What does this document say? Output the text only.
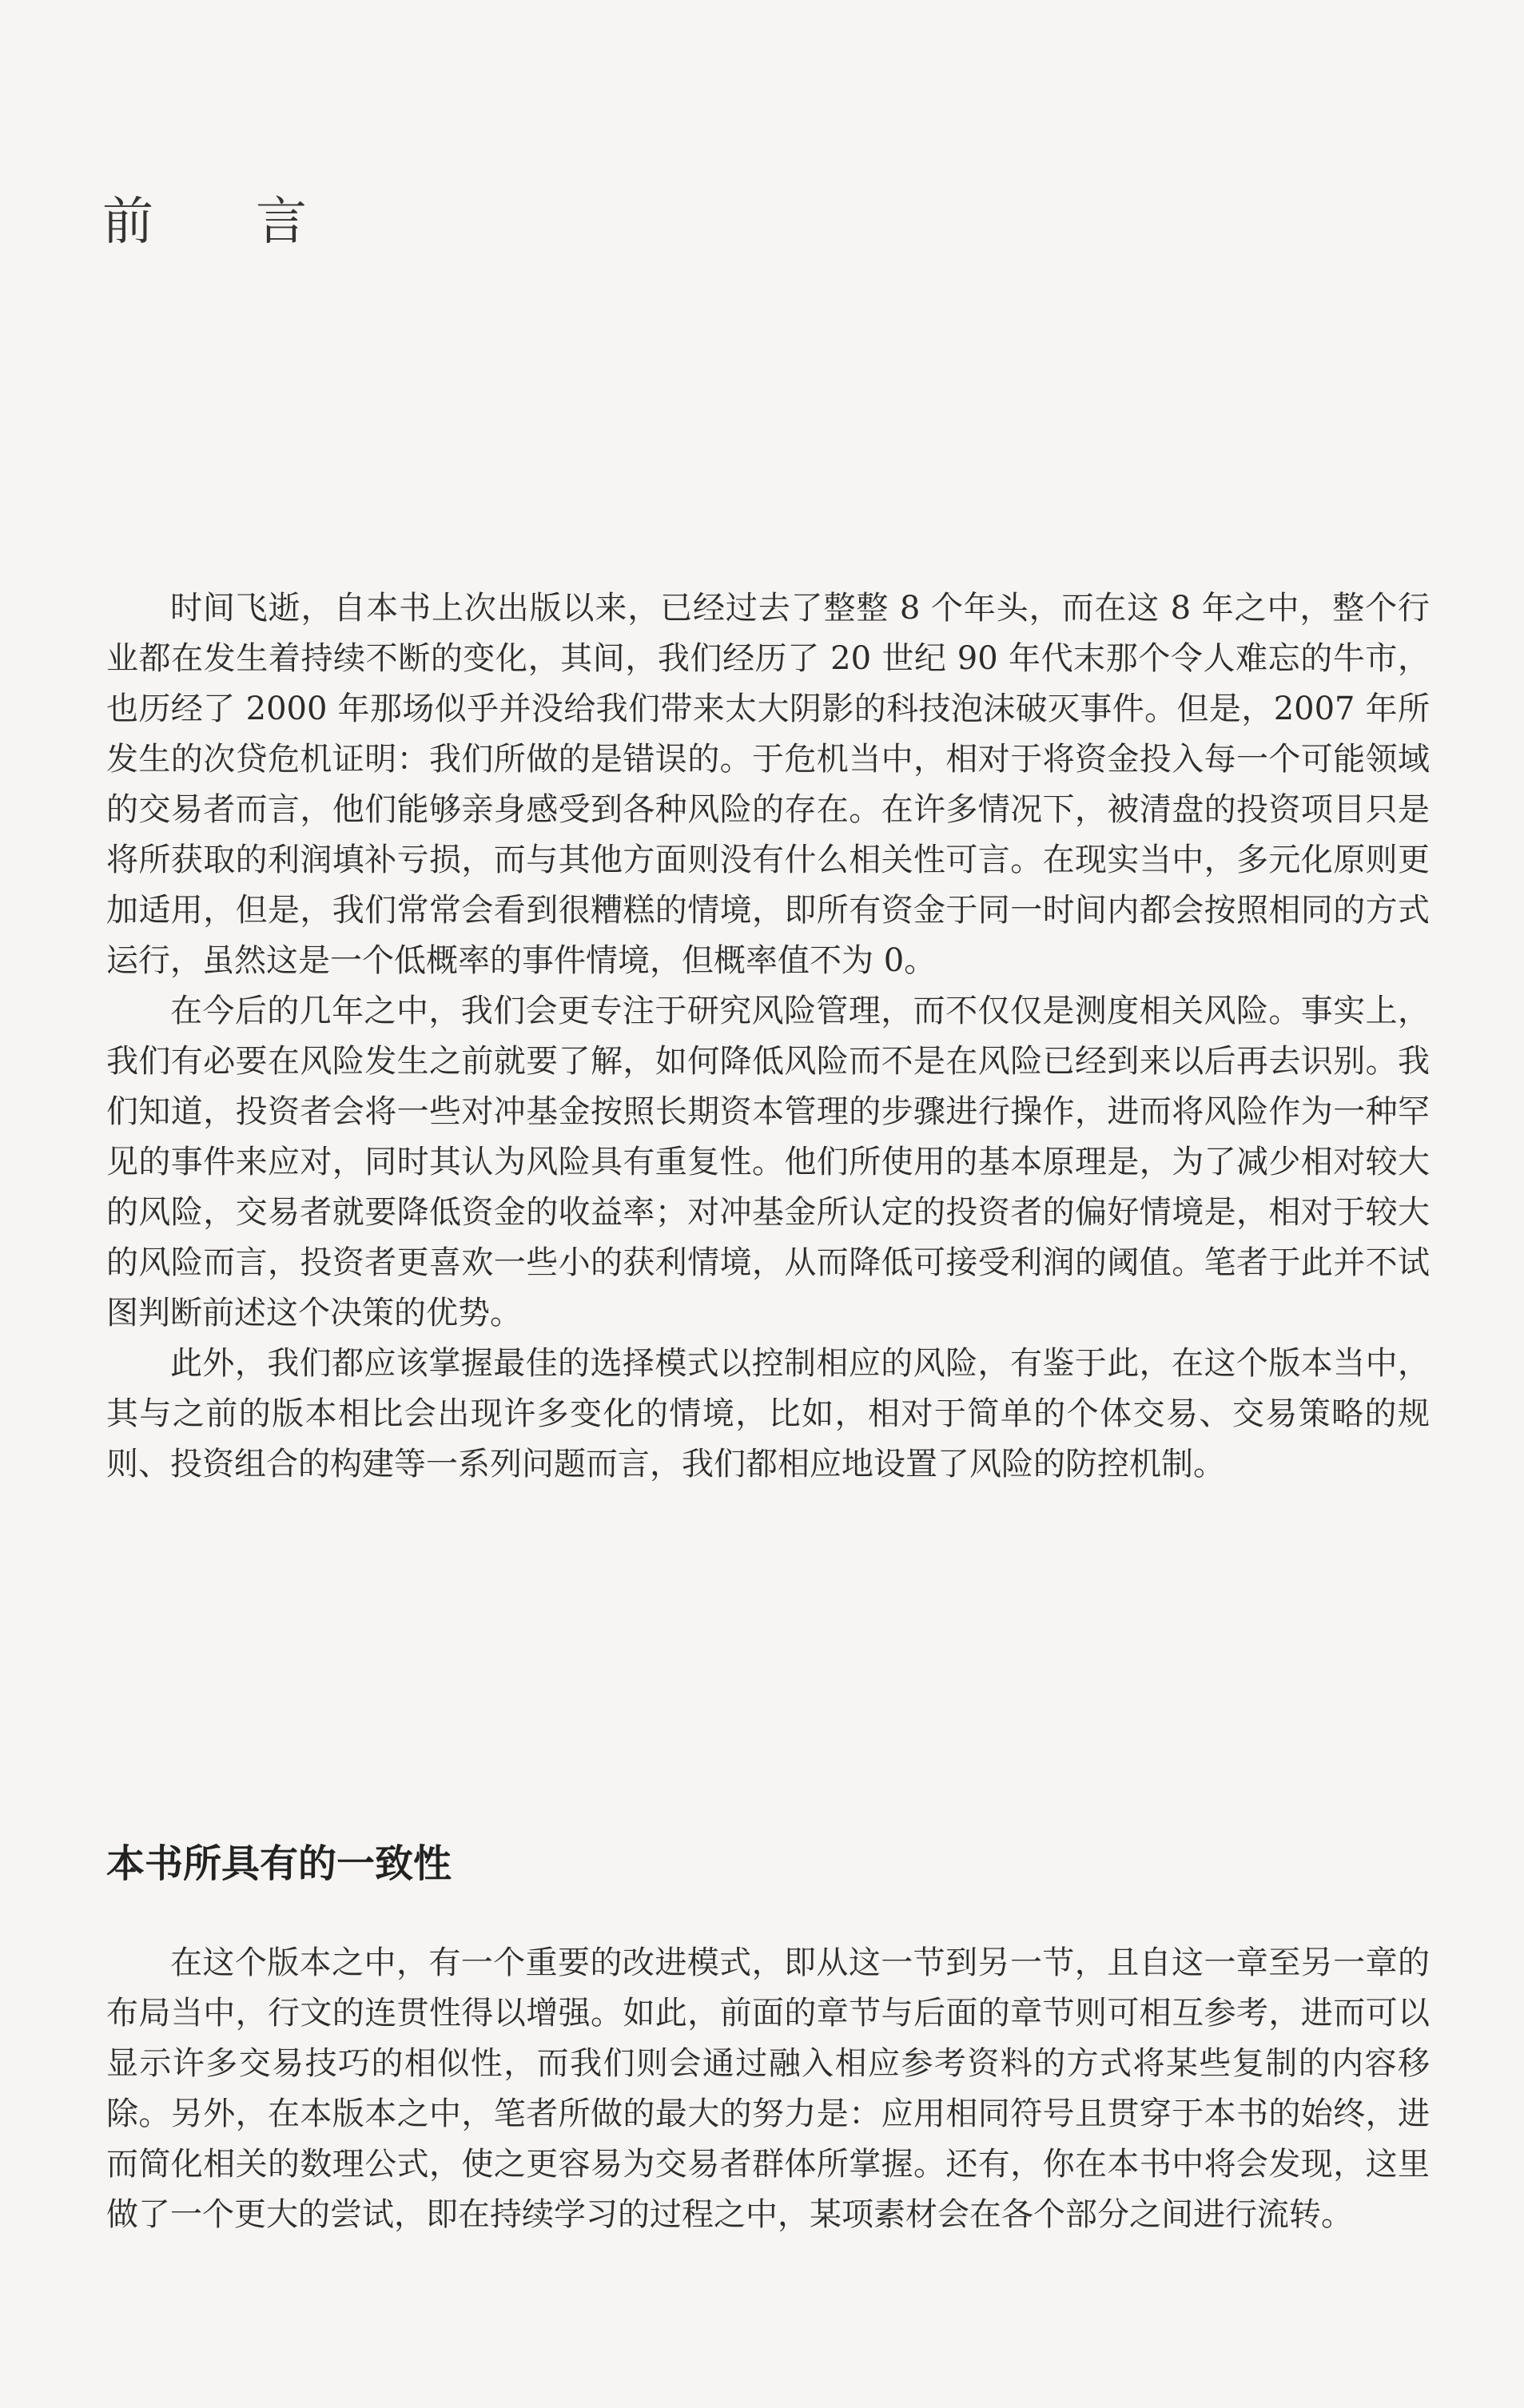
前　　言

时间飞逝，自本书上次出版以来，已经过去了整整 8 个年头，而在这 8 年之中，整个行业都在发生着持续不断的变化，其间，我们经历了 20 世纪 90 年代末那个令人难忘的牛市，也历经了 2000 年那场似乎并没给我们带来太大阴影的科技泡沫破灭事件。但是，2007 年所发生的次贷危机证明：我们所做的是错误的。于危机当中，相对于将资金投入每一个可能领域的交易者而言，他们能够亲身感受到各种风险的存在。在许多情况下，被清盘的投资项目只是将所获取的利润填补亏损，而与其他方面则没有什么相关性可言。在现实当中，多元化原则更加适用，但是，我们常常会看到很糟糕的情境，即所有资金于同一时间内都会按照相同的方式运行，虽然这是一个低概率的事件情境，但概率值不为 0。

在今后的几年之中，我们会更专注于研究风险管理，而不仅仅是测度相关风险。事实上，我们有必要在风险发生之前就要了解，如何降低风险而不是在风险已经到来以后再去识别。我们知道，投资者会将一些对冲基金按照长期资本管理的步骤进行操作，进而将风险作为一种罕见的事件来应对，同时其认为风险具有重复性。他们所使用的基本原理是，为了减少相对较大的风险，交易者就要降低资金的收益率；对冲基金所认定的投资者的偏好情境是，相对于较大的风险而言，投资者更喜欢一些小的获利情境，从而降低可接受利润的阈值。笔者于此并不试图判断前述这个决策的优势。

此外，我们都应该掌握最佳的选择模式以控制相应的风险，有鉴于此，在这个版本当中，其与之前的版本相比会出现许多变化的情境，比如，相对于简单的个体交易、交易策略的规则、投资组合的构建等一系列问题而言，我们都相应地设置了风险的防控机制。

本书所具有的一致性

在这个版本之中，有一个重要的改进模式，即从这一节到另一节，且自这一章至另一章的布局当中，行文的连贯性得以增强。如此，前面的章节与后面的章节则可相互参考，进而可以显示许多交易技巧的相似性，而我们则会通过融入相应参考资料的方式将某些复制的内容移除。另外，在本版本之中，笔者所做的最大的努力是：应用相同符号且贯穿于本书的始终，进而简化相关的数理公式，使之更容易为交易者群体所掌握。还有，你在本书中将会发现，这里做了一个更大的尝试，即在持续学习的过程之中，某项素材会在各个部分之间进行流转。
